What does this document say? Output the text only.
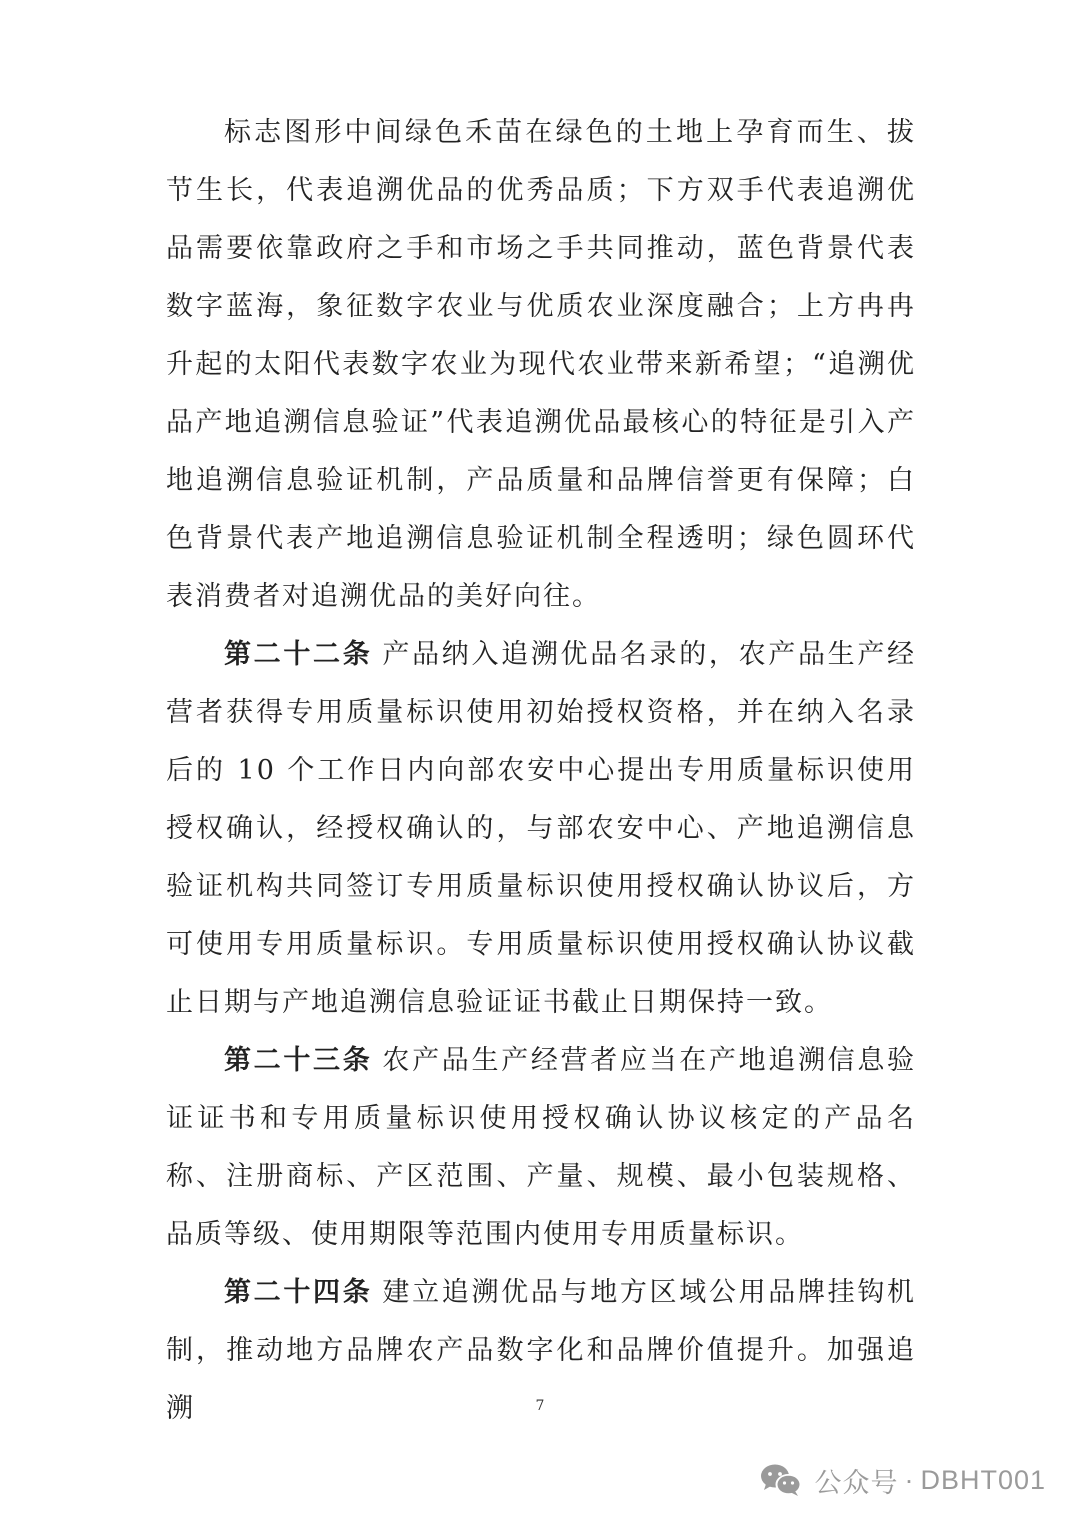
标志图形中间绿色禾苗在绿色的土地上孕育而生、拔节生长，代表追溯优品的优秀品质；下方双手代表追溯优品需要依靠政府之手和市场之手共同推动，蓝色背景代表数字蓝海，象征数字农业与优质农业深度融合；上方冉冉升起的太阳代表数字农业为现代农业带来新希望；“追溯优品产地追溯信息验证”代表追溯优品最核心的特征是引入产地追溯信息验证机制，产品质量和品牌信誉更有保障；白色背景代表产地追溯信息验证机制全程透明；绿色圆环代表消费者对追溯优品的美好向往。

第二十二条 产品纳入追溯优品名录的，农产品生产经营者获得专用质量标识使用初始授权资格，并在纳入名录后的 10 个工作日内向部农安中心提出专用质量标识使用授权确认，经授权确认的，与部农安中心、产地追溯信息验证机构共同签订专用质量标识使用授权确认协议后，方可使用专用质量标识。专用质量标识使用授权确认协议截止日期与产地追溯信息验证证书截止日期保持一致。

第二十三条 农产品生产经营者应当在产地追溯信息验证证书和专用质量标识使用授权确认协议核定的产品名称、注册商标、产区范围、产量、规模、最小包装规格、品质等级、使用期限等范围内使用专用质量标识。

第二十四条 建立追溯优品与地方区域公用品牌挂钩机制，推动地方品牌农产品数字化和品牌价值提升。加强追溯	7
公众号 · DBHT001
